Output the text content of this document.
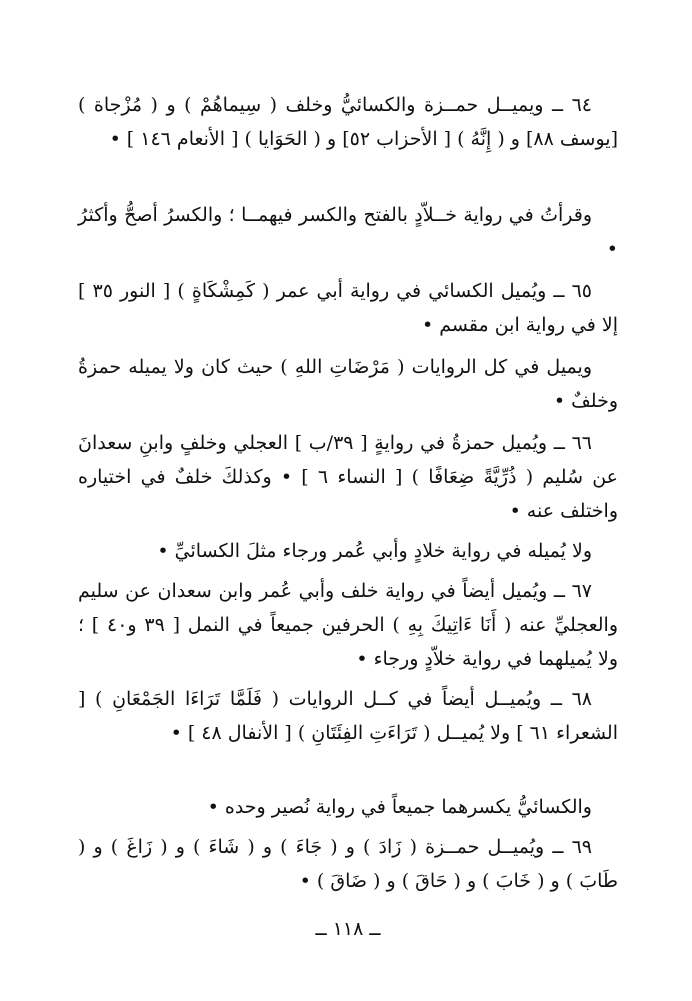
٦٤ ــ ويميــل حمــزة والكسائيُّ وخلف ( سِيماهُمْ ) و ( مُزْجاة ) [يوسف ٨٨] و ( إِنَّهُ ) [ الأحزاب ٥٢] و ( الحَوَايا ) [ الأنعام ١٤٦ ] •

وقرأتُ في رواية خــلاّدٍ بالفتح والكسر فيهمــا ؛ والكسرُ أصحُّ وأكثرُ •

٦٥ ــ ويُميل الكسائي في رواية أبي عمر ( كَمِشْكَاةٍ ) [ النور ٣٥ ] إلا في رواية ابن مقسم •

ويميل في كل الروايات ( مَرْضَاتِ اللهِ ) حيث كان ولا يميله حمزةُ وخلفٌ •

٦٦ ــ ويُميل حمزةُ في روايةٍ [ ٣٩/ب ] العجلي وخلفٍ وابنِ سعدانَ عن سُليم ( ذُرِّيَّةً ضِعَافًا ) [ النساء ٦ ] • وكذلكَ خلفٌ في اختياره واختلف عنه •

ولا يُميله في رواية خلادٍ وأبي عُمر ورجاء مثلَ الكسائيِّ •

٦٧ ــ ويُميل أيضاً في رواية خلف وأبي عُمر وابن سعدان عن سليم والعجليِّ عنه ( أَنَا ءَاتِيكَ بِهِ ) الحرفين جميعاً في النمل [ ٣٩ و٤٠ ] ؛ ولا يُميلهما في رواية خلاّدٍ ورجاء •

٦٨ ــ ويُميــل أيضاً في كــل الروايات ( فَلَمَّا تَرَاءَا الجَمْعَانِ ) [ الشعراء ٦١ ] ولا يُميــل ( تَرَاءَتِ الفِئَتَانِ ) [ الأنفال ٤٨ ] •

والكسائيُّ يكسرهما جميعاً في رواية نُصير وحده •

٦٩ ــ ويُميــل حمــزة ( زَادَ ) و ( جَاءَ ) و ( شَاءَ ) و ( زَاغَ ) و ( طَابَ ) و ( خَابَ ) و ( حَاقَ ) و ( ضَاقَ ) •

ــ ١١٨ ــ
